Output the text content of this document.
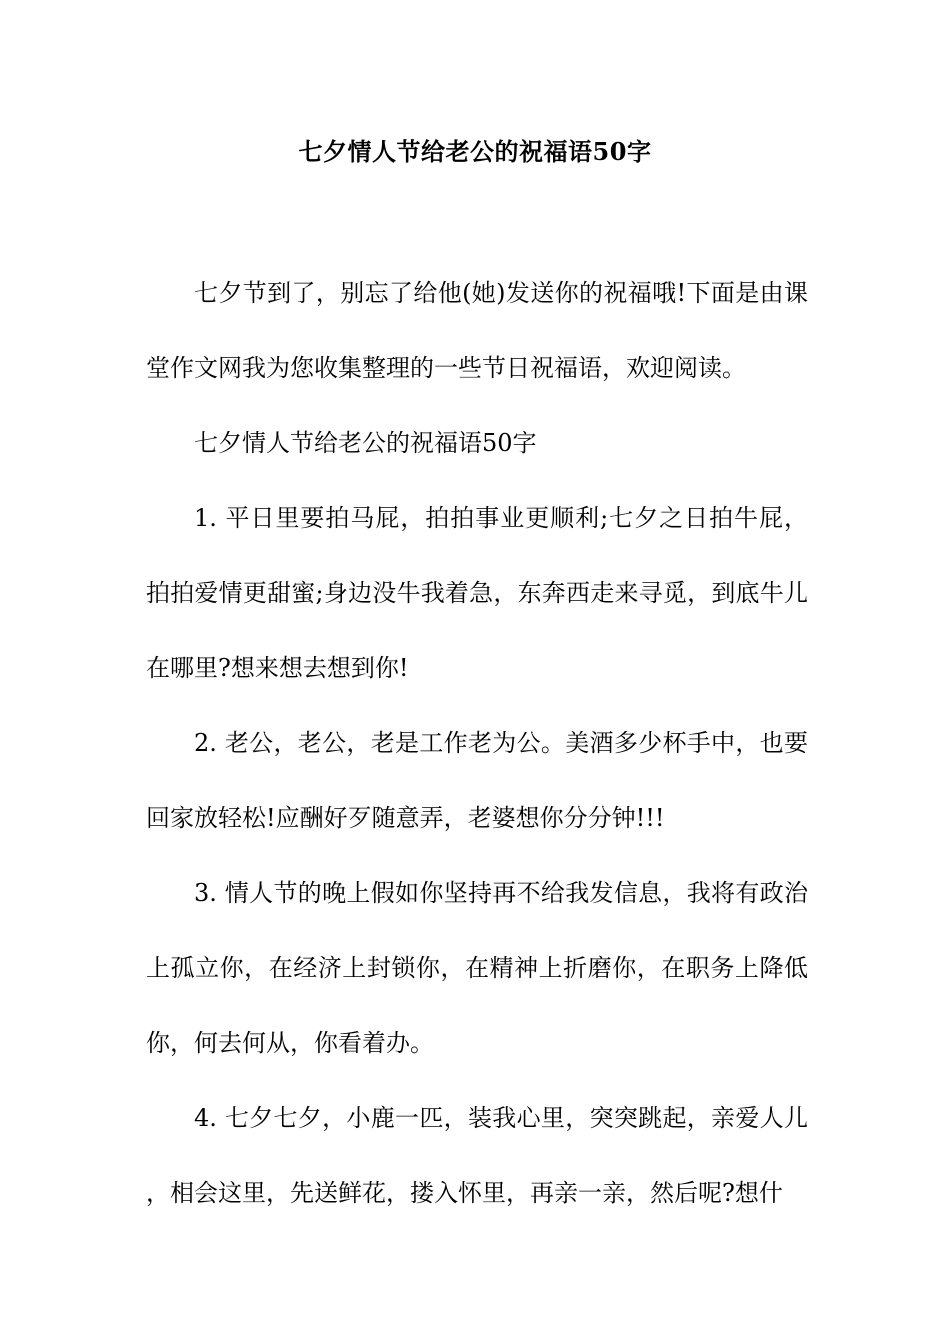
七夕情人节给老公的祝福语50字

七夕节到了，别忘了给他(她)发送你的祝福哦!下面是由课堂作文网我为您收集整理的一些节日祝福语，欢迎阅读。

七夕情人节给老公的祝福语50字

1. 平日里要拍马屁，拍拍事业更顺利;七夕之日拍牛屁，拍拍爱情更甜蜜;身边没牛我着急，东奔西走来寻觅，到底牛儿在哪里?想来想去想到你!

2. 老公，老公，老是工作老为公。美酒多少杯手中，也要回家放轻松!应酬好歹随意弄，老婆想你分分钟!!!

3. 情人节的晚上假如你坚持再不给我发信息，我将有政治上孤立你，在经济上封锁你，在精神上折磨你，在职务上降低你，何去何从，你看着办。

4. 七夕七夕，小鹿一匹，装我心里，突突跳起，亲爱人儿，相会这里，先送鲜花，搂入怀里，再亲一亲，然后呢?想什
